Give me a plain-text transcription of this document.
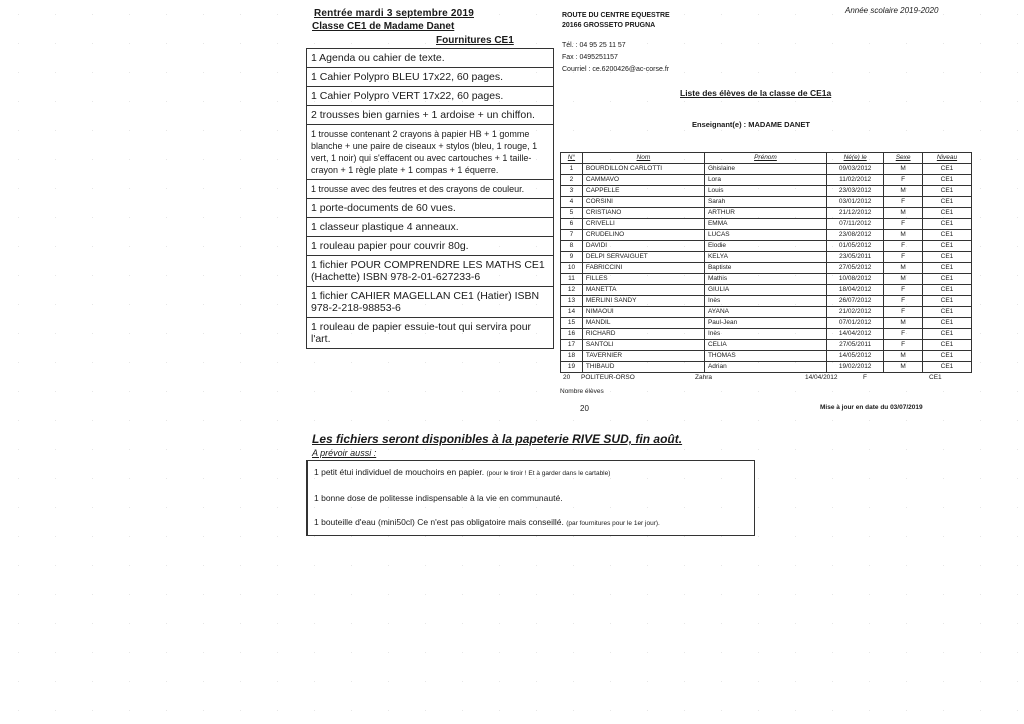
Rentrée mardi 3 septembre 2019
Classe CE1 de Madame Danet
Fournitures CE1
1 Agenda ou cahier de texte.
1 Cahier Polypro BLEU 17x22, 60 pages.
1 Cahier Polypro VERT 17x22, 60 pages.
2 trousses bien garnies + 1 ardoise + un chiffon.
1 trousse contenant 2 crayons à papier HB + 1 gomme blanche + une paire de ciseaux + stylos (bleu, 1 rouge, 1 vert, 1 noir) qui s'effacent ou avec cartouches + 1 taille-crayon + 1 règle plate + 1 compas + 1 équerre.
1 trousse avec des feutres et des crayons de couleur.
1 porte-documents de 60 vues.
1 classeur plastique 4 anneaux.
1 rouleau papier pour couvrir 80g.
1 fichier POUR COMPRENDRE LES MATHS CE1 (Hachette) ISBN 978-2-01-627233-6
1 fichier CAHIER MAGELLAN CE1 (Hatier) ISBN 978-2-218-98853-6
1 rouleau de papier essuie-tout qui servira pour l'art.
Les fichiers seront disponibles à la papeterie RIVE SUD, fin août.
A prévoir aussi :
1 petit étui individuel de mouchoirs en papier. (pour le tiroir ! Et à garder dans le cartable)
1 bonne dose de politesse indispensable à la vie en communauté.
1 bouteille d'eau (mini50cl) Ce n'est pas obligatoire mais conseillé. (par fournitures pour le 1er jour).
ROUTE DU CENTRE EQUESTRE
20166 GROSSETO PRUGNA
Tél. : 04 95 25 11 57
Fax : 0495251157
Courriel : ce.6200426@ac-corse.fr
Année scolaire 2019-2020
Liste des élèves de la classe de CE1a
Enseignant(e) : MADAME DANET
N°	Nom	Prénom	Né(e) le	Sexe	Niveau
1	BOURDILLON CARLOTTI	Ghislaine	09/03/2012	M	CE1
2	CAMMAVO	Lora	11/02/2012	F	CE1
3	CAPPELLE	Louis	23/03/2012	M	CE1
4	CORSINI	Sarah	03/01/2012	F	CE1
5	CRISTIANO	ARTHUR	21/12/2012	M	CE1
6	CRIVELLI	EMMA	07/11/2012	F	CE1
7	CRUDELINO	LUCAS	23/08/2012	M	CE1
8	DAVIDI	Elodie	01/05/2012	F	CE1
9	DELPI SERVAIGUET	KELYA	23/05/2011	F	CE1
10	FABRICCINI	Baptiste	27/05/2012	M	CE1
11	FILLES	Mathis	10/08/2012	M	CE1
12	MANETTA	GIULIA	18/04/2012	F	CE1
13	MERLINI SANDY	Inès	26/07/2012	F	CE1
14	NIMAOUI	AYANA	21/02/2012	F	CE1
15	MANDIL	Paul-Jean	07/01/2012	M	CE1
16	RICHARD	Inès	14/04/2012	F	CE1
17	SANTOLI	CELIA	27/05/2011	F	CE1
18	TAVERNIER	THOMAS	14/05/2012	M	CE1
19	THIBAUD	Adrian	19/02/2012	M	CE1
20 POLITEUR-ORSO	Zahra	14/04/2012	F	CE1
Nombre élèves
20	Mise à jour en date du 03/07/2019
